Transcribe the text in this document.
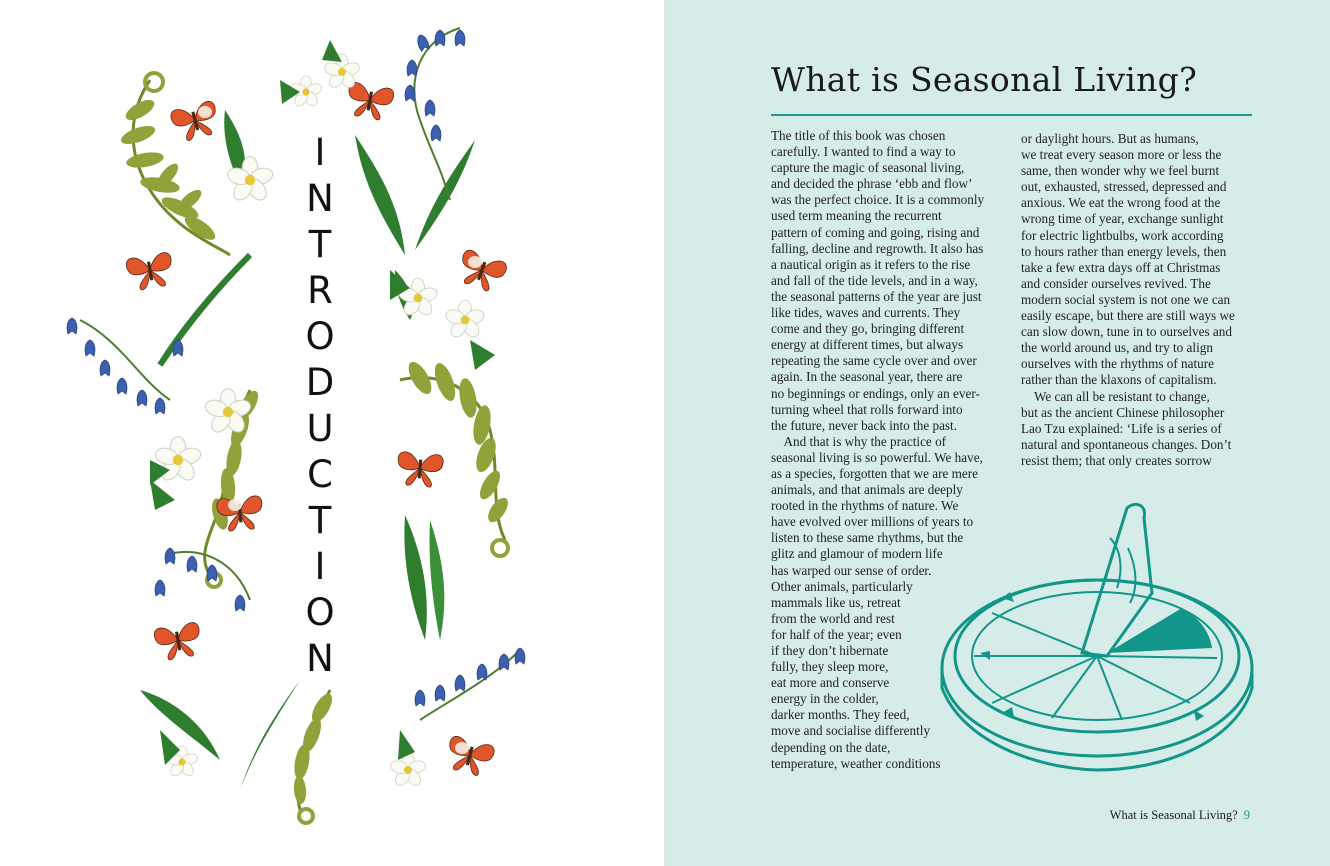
I
N
T
R
O
D
U
C
T
I
O
N
What is Seasonal Living?
The title of this book was chosen
carefully. I wanted to find a way to
capture the magic of seasonal living,
and decided the phrase ‘ebb and flow’
was the perfect choice. It is a commonly
used term meaning the recurrent
pattern of coming and going, rising and
falling, decline and regrowth. It also has
a nautical origin as it refers to the rise
and fall of the tide levels, and in a way,
the seasonal patterns of the year are just
like tides, waves and currents. They
come and they go, bringing different
energy at different times, but always
repeating the same cycle over and over
again. In the seasonal year, there are
no beginnings or endings, only an ever-
turning wheel that rolls forward into
the future, never back into the past.
And that is why the practice of
seasonal living is so powerful. We have,
as a species, forgotten that we are mere
animals, and that animals are deeply
rooted in the rhythms of nature. We
have evolved over millions of years to
listen to these same rhythms, but the
glitz and glamour of modern life
has warped our sense of order.
Other animals, particularly
mammals like us, retreat
from the world and rest
for half of the year; even
if they don’t hibernate
fully, they sleep more,
eat more and conserve
energy in the colder,
darker months. They feed,
move and socialise differently
depending on the date,
temperature, weather conditions
or daylight hours. But as humans,
we treat every season more or less the
same, then wonder why we feel burnt
out, exhausted, stressed, depressed and
anxious. We eat the wrong food at the
wrong time of year, exchange sunlight
for electric lightbulbs, work according
to hours rather than energy levels, then
take a few extra days off at Christmas
and consider ourselves revived. The
modern social system is not one we can
easily escape, but there are still ways we
can slow down, tune in to ourselves and
the world around us, and try to align
ourselves with the rhythms of nature
rather than the klaxons of capitalism.
We can all be resistant to change,
but as the ancient Chinese philosopher
Lao Tzu explained: ‘Life is a series of
natural and spontaneous changes. Don’t
resist them; that only creates sorrow
What is Seasonal Living? 9
